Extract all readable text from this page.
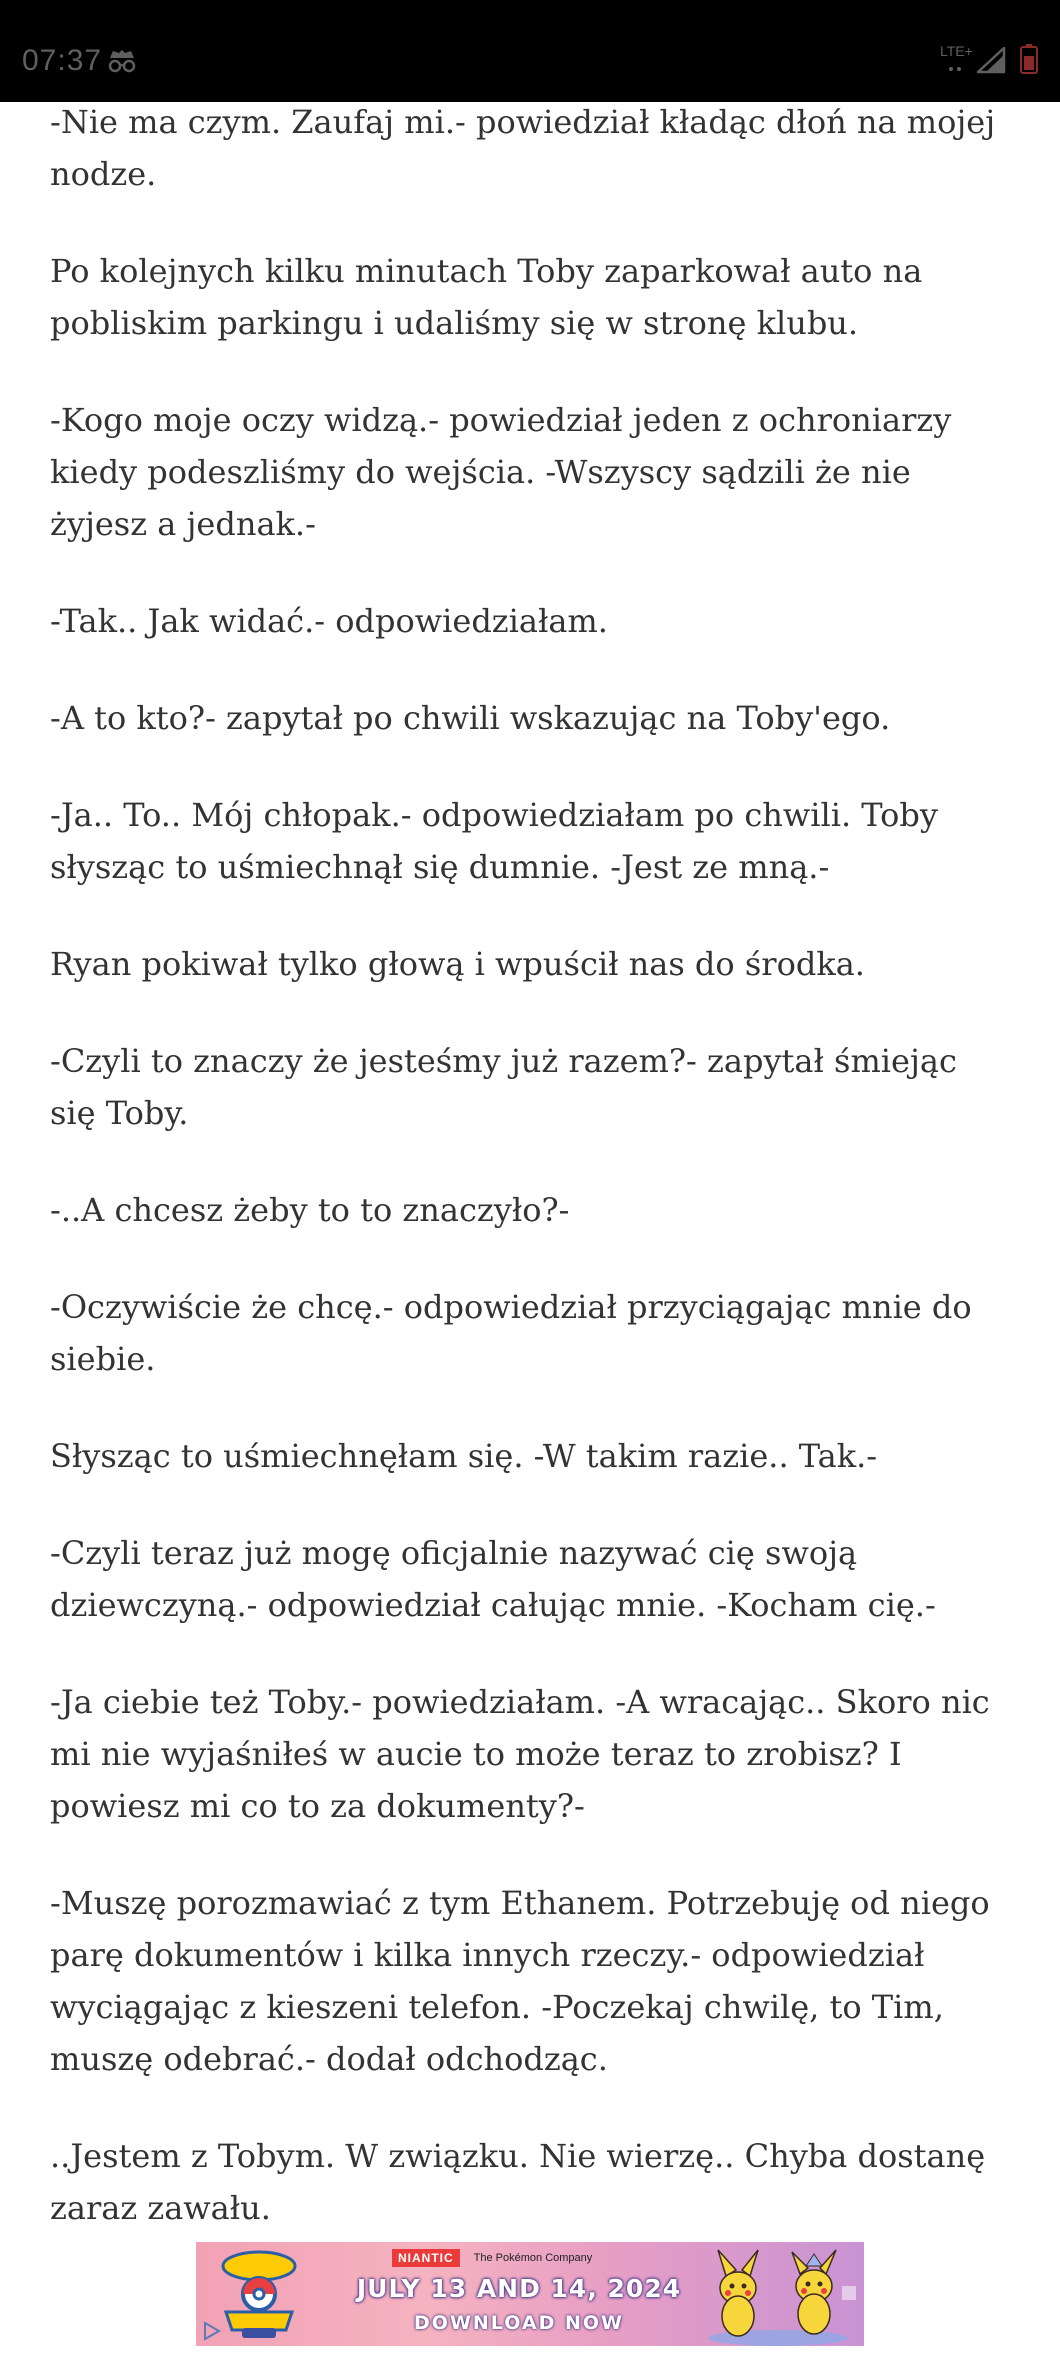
07:37	LTE+

-Nie ma czym. Zaufaj mi.- powiedział kładąc dłoń na mojej nodze.

Po kolejnych kilku minutach Toby zaparkował auto na pobliskim parkingu i udaliśmy się w stronę klubu.

-Kogo moje oczy widzą.- powiedział jeden z ochroniarzy kiedy podeszliśmy do wejścia. -Wszyscy sądzili że nie żyjesz a jednak.-

-Tak.. Jak widać.- odpowiedziałam.

-A to kto?- zapytał po chwili wskazując na Toby'ego.

-Ja.. To.. Mój chłopak.- odpowiedziałam po chwili. Toby słysząc to uśmiechnął się dumnie. -Jest ze mną.-

Ryan pokiwał tylko głową i wpuścił nas do środka.

-Czyli to znaczy że jesteśmy już razem?- zapytał śmiejąc się Toby.

-..A chcesz żeby to to znaczyło?-

-Oczywiście że chcę.- odpowiedział przyciągając mnie do siebie.

Słysząc to uśmiechnęłam się. -W takim razie.. Tak.-

-Czyli teraz już mogę oficjalnie nazywać cię swoją dziewczyną.- odpowiedział całując mnie. -Kocham cię.-

-Ja ciebie też Toby.- powiedziałam. -A wracając.. Skoro nic mi nie wyjaśniłeś w aucie to może teraz to zrobisz? I powiesz mi co to za dokumenty?-

-Muszę porozmawiać z tym Ethanem. Potrzebuję od niego parę dokumentów i kilka innych rzeczy.- odpowiedział wyciągając z kieszeni telefon. -Poczekaj chwilę, to Tim, muszę odebrać.- dodał odchodząc.

..Jestem z Tobym. W związku. Nie wierzę.. Chyba dostanę zaraz zawału.

NIANTIC	The Pokémon Company
JULY 13 AND 14, 2024
DOWNLOAD NOW
